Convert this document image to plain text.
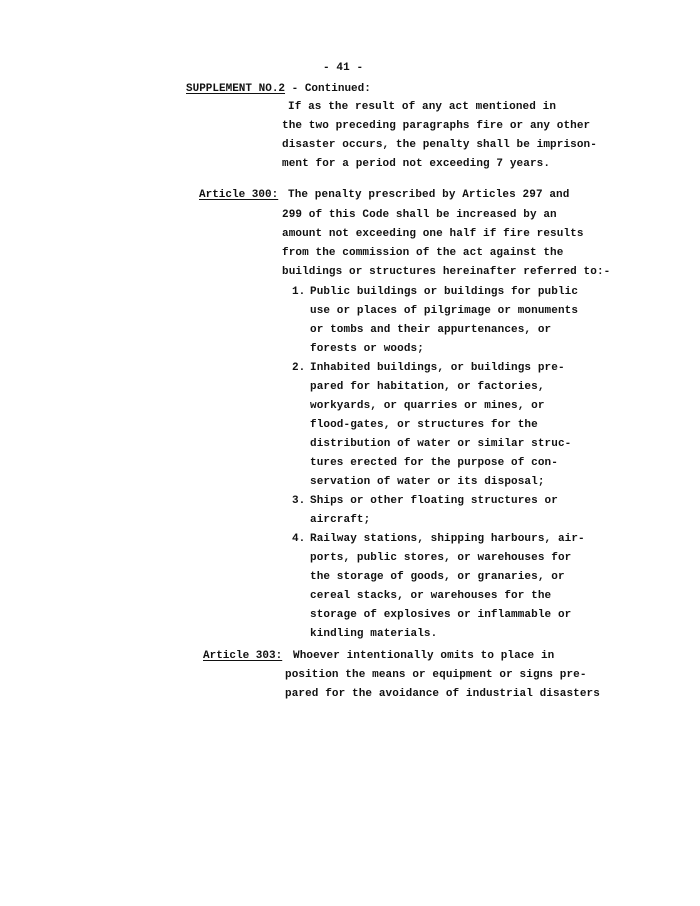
- 41 -
SUPPLEMENT NO.2 - Continued:
If as the result of any act mentioned in
the two preceding paragraphs fire or any other
disaster occurs, the penalty shall be imprison-
ment for a period not exceeding 7 years.
Article 300: The penalty prescribed by Articles 297 and
299 of this Code shall be increased by an
amount not exceeding one half if fire results
from the commission of the act against the
buildings or structures hereinafter referred to:-
1. Public buildings or buildings for public
use or places of pilgrimage or monuments
or tombs and their appurtenances, or
forests or woods;
2. Inhabited buildings, or buildings pre-
pared for habitation, or factories,
workyards, or quarries or mines, or
flood-gates, or structures for the
distribution of water or similar struc-
tures erected for the purpose of con-
servation of water or its disposal;
3. Ships or other floating structures or
aircraft;
4. Railway stations, shipping harbours, air-
ports, public stores, or warehouses for
the storage of goods, or granaries, or
cereal stacks, or warehouses for the
storage of explosives or inflammable or
kindling materials.
Article 303: Whoever intentionally omits to place in
position the means or equipment or signs pre-
pared for the avoidance of industrial disasters
